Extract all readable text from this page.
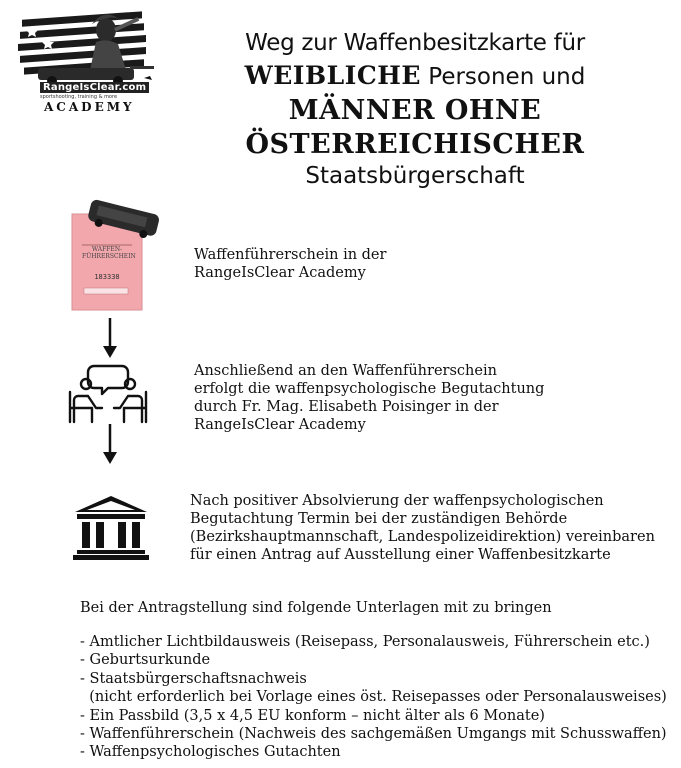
RangeIsClear.com
sportshooting, training & more
ACADEMY
Weg zur Waffenbesitzkarte für
WEIBLICHE Personen und
MÄNNER OHNE
ÖSTERREICHISCHER
Staatsbürgerschaft
WAFFEN-
FÜHRERSCHEIN
183338
Waffenführerschein in der
RangeIsClear Academy
Anschließend an den Waffenführerschein
erfolgt die waffenpsychologische Begutachtung
durch Fr. Mag. Elisabeth Poisinger in der
RangeIsClear Academy
Nach positiver Absolvierung der waffenpsychologischen
Begutachtung Termin bei der zuständigen Behörde
(Bezirkshauptmannschaft, Landespolizeidirektion) vereinbaren
für einen Antrag auf Ausstellung einer Waffenbesitzkarte
Bei der Antragstellung sind folgende Unterlagen mit zu bringen
- Amtlicher Lichtbildausweis (Reisepass, Personalausweis, Führerschein etc.)
- Geburtsurkunde
- Staatsbürgerschaftsnachweis
(nicht erforderlich bei Vorlage eines öst. Reisepasses oder Personalausweises)
- Ein Passbild (3,5 x 4,5 EU konform – nicht älter als 6 Monate)
- Waffenführerschein (Nachweis des sachgemäßen Umgangs mit Schusswaffen)
- Waffenpsychologisches Gutachten
